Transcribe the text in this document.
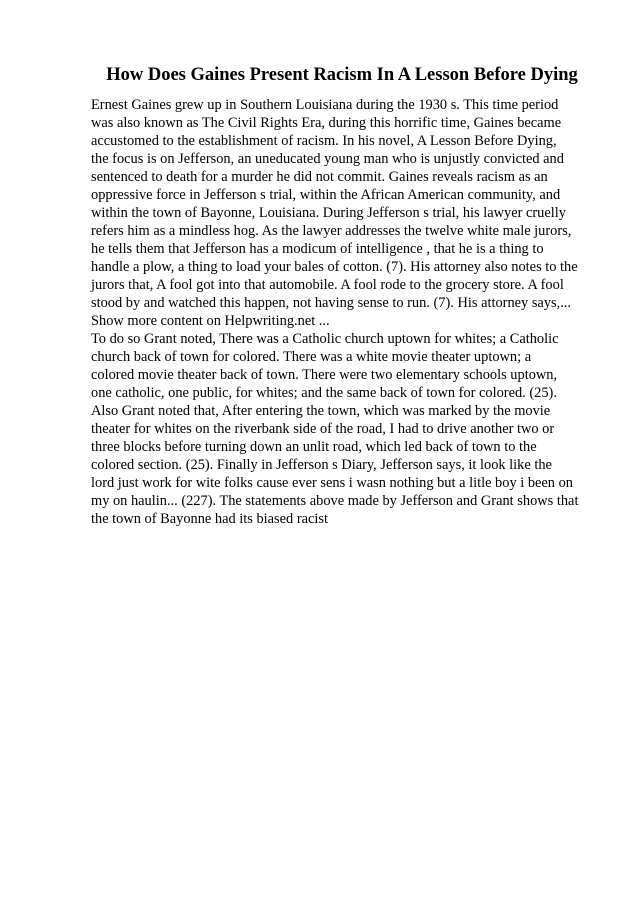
How Does Gaines Present Racism In A Lesson Before Dying
Ernest Gaines grew up in Southern Louisiana during the 1930 s. This time period
was also known as The Civil Rights Era, during this horrific time, Gaines became
accustomed to the establishment of racism. In his novel, A Lesson Before Dying,
the focus is on Jefferson, an uneducated young man who is unjustly convicted and
sentenced to death for a murder he did not commit. Gaines reveals racism as an
oppressive force in Jefferson s trial, within the African American community, and
within the town of Bayonne, Louisiana. During Jefferson s trial, his lawyer cruelly
refers him as a mindless hog. As the lawyer addresses the twelve white male jurors,
he tells them that Jefferson has a modicum of intelligence , that he is a thing to
handle a plow, a thing to load your bales of cotton. (7). His attorney also notes to the
jurors that, A fool got into that automobile. A fool rode to the grocery store. A fool
stood by and watched this happen, not having sense to run. (7). His attorney says,...
Show more content on Helpwriting.net ...
To do so Grant noted, There was a Catholic church uptown for whites; a Catholic
church back of town for colored. There was a white movie theater uptown; a
colored movie theater back of town. There were two elementary schools uptown,
one catholic, one public, for whites; and the same back of town for colored. (25).
Also Grant noted that, After entering the town, which was marked by the movie
theater for whites on the riverbank side of the road, I had to drive another two or
three blocks before turning down an unlit road, which led back of town to the
colored section. (25). Finally in Jefferson s Diary, Jefferson says, it look like the
lord just work for wite folks cause ever sens i wasn nothing but a litle boy i been on
my on haulin... (227). The statements above made by Jefferson and Grant shows that
the town of Bayonne had its biased racist
